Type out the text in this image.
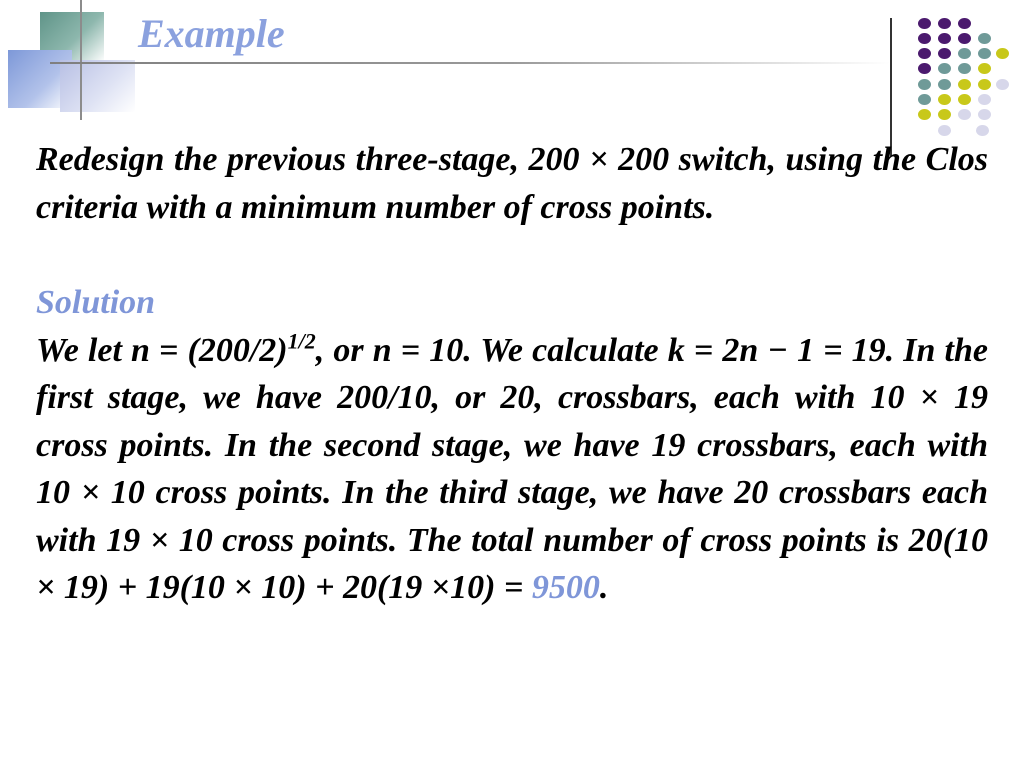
Example

Redesign the previous three-stage, 200 × 200 switch, using the Clos criteria with a minimum number of cross points.

Solution

We let $n = (200/2)^{1/2}$, or n = 10. We calculate k = 2n − 1 = 19. In the first stage, we have 200/10, or 20, crossbars, each with 10 × 19 cross points. In the second stage, we have 19 crossbars, each with 10 × 10 cross points. In the third stage, we have 20 crossbars each with 19 × 10 cross points. The total number of cross points is 20(10 × 19) + 19(10 × 10) + 20(19 ×10) = 9500.
